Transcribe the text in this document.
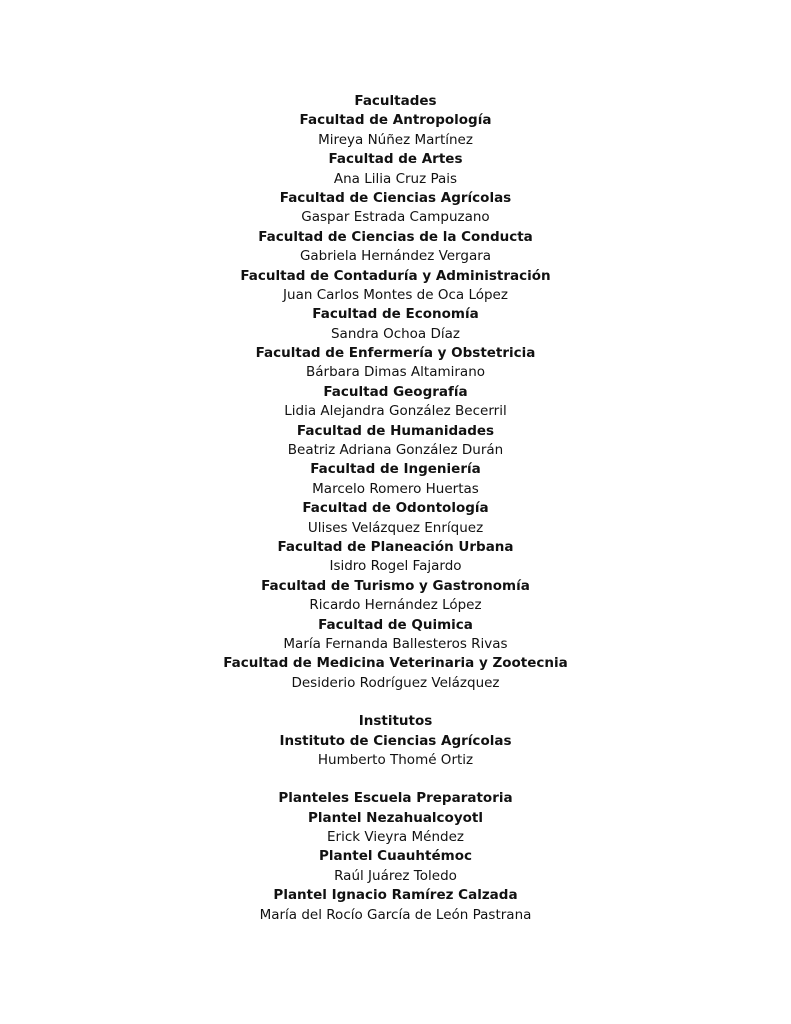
Facultades
Facultad de Antropología
Mireya Núñez Martínez
Facultad de Artes
Ana Lilia Cruz Pais
Facultad de Ciencias Agrícolas
Gaspar Estrada Campuzano
Facultad de Ciencias de la Conducta
Gabriela Hernández Vergara
Facultad de Contaduría y Administración
Juan Carlos Montes de Oca López
Facultad de Economía
Sandra Ochoa Díaz
Facultad de Enfermería y Obstetricia
Bárbara Dimas Altamirano
Facultad Geografía
Lidia Alejandra González Becerril
Facultad de Humanidades
Beatriz Adriana González Durán
Facultad de Ingeniería
Marcelo Romero Huertas
Facultad de Odontología
Ulises Velázquez Enríquez
Facultad de Planeación Urbana
Isidro Rogel Fajardo
Facultad de Turismo y Gastronomía
Ricardo Hernández López
Facultad de Quimica
María Fernanda Ballesteros Rivas
Facultad de Medicina Veterinaria y Zootecnia
Desiderio Rodríguez Velázquez
Institutos
Instituto de Ciencias Agrícolas
Humberto Thomé Ortiz
Planteles Escuela Preparatoria
Plantel Nezahualcoyotl
Erick Vieyra Méndez
Plantel Cuauhtémoc
Raúl Juárez Toledo
Plantel Ignacio Ramírez Calzada
María del Rocío García de León Pastrana
